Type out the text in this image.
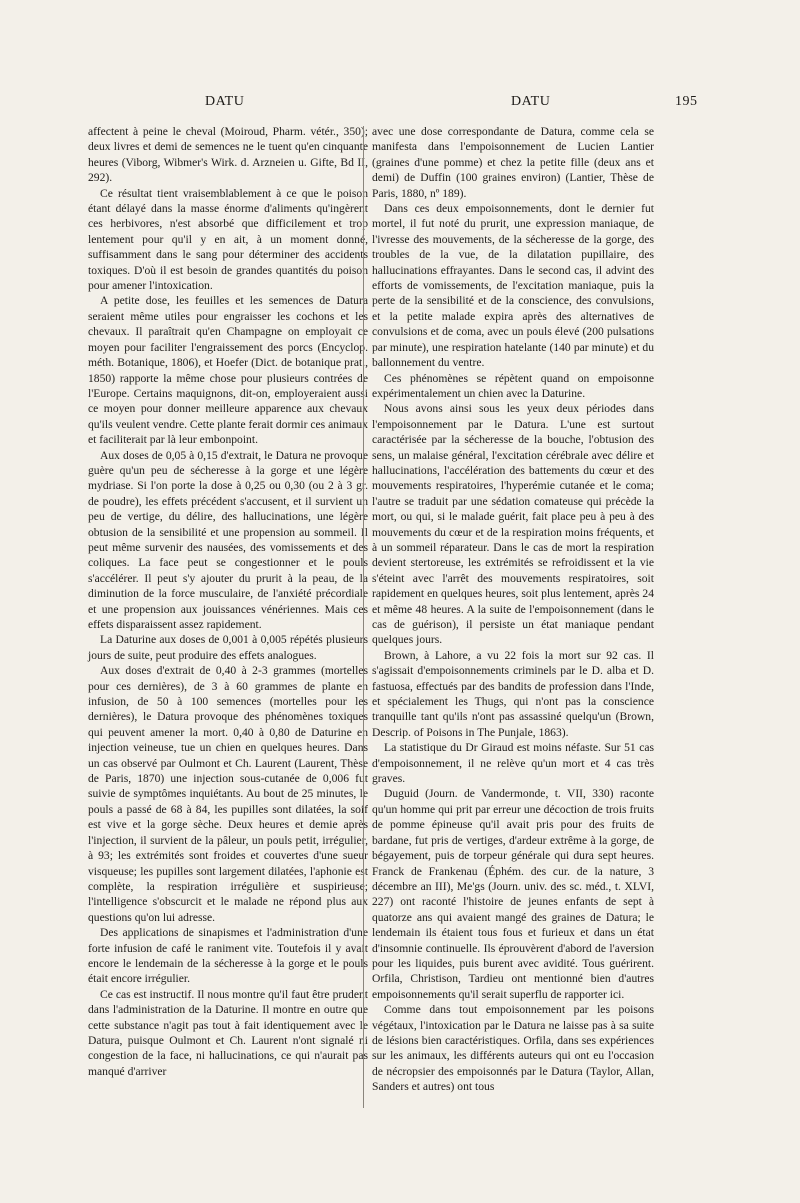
DATU	DATU	195

affectent à peine le cheval (Moiroud, Pharm. vétér., 350); deux livres et demi de semences ne le tuent qu'en cinquante heures (Viborg, Wibmer's Wirk. d. Arzneien u. Gifte, Bd II, 292).

Ce résultat tient vraisemblablement à ce que le poison étant délayé dans la masse énorme d'aliments qu'ingèrent ces herbivores, n'est absorbé que difficilement et trop lentement pour qu'il y en ait, à un moment donné, suffisamment dans le sang pour déterminer des accidents toxiques. D'où il est besoin de grandes quantités du poison pour amener l'intoxication.

A petite dose, les feuilles et les semences de Datura seraient même utiles pour engraisser les cochons et les chevaux. Il paraîtrait qu'en Champagne on employait ce moyen pour faciliter l'engraissement des porcs (Encyclop. méth. Botanique, 1806), et Hoefer (Dict. de botanique prat., 1850) rapporte la même chose pour plusieurs contrées de l'Europe. Certains maquignons, dit-on, employeraient aussi ce moyen pour donner meilleure apparence aux chevaux qu'ils veulent vendre. Cette plante ferait dormir ces animaux et faciliterait par là leur embonpoint.

Aux doses de 0,05 à 0,15 d'extrait, le Datura ne provoque guère qu'un peu de sécheresse à la gorge et une légère mydriase. Si l'on porte la dose à 0,25 ou 0,30 (ou 2 à 3 gr. de poudre), les effets précédent s'accusent, et il survient un peu de vertige, du délire, des hallucinations, une légère obtusion de la sensibilité et une propension au sommeil. Il peut même survenir des nausées, des vomissements et des coliques. La face peut se congestionner et le pouls s'accélérer. Il peut s'y ajouter du prurit à la peau, de la diminution de la force musculaire, de l'anxiété précordiale et une propension aux jouissances vénériennes. Mais ces effets disparaissent assez rapidement.

La Daturine aux doses de 0,001 à 0,005 répétés plusieurs jours de suite, peut produire des effets analogues.

Aux doses d'extrait de 0,40 à 2-3 grammes (mortelles pour ces dernières), de 3 à 60 grammes de plante en infusion, de 50 à 100 semences (mortelles pour les dernières), le Datura provoque des phénomènes toxiques qui peuvent amener la mort. 0,40 à 0,80 de Daturine en injection veineuse, tue un chien en quelques heures. Dans un cas observé par Oulmont et Ch. Laurent (Laurent, Thèse de Paris, 1870) une injection sous-cutanée de 0,006 fut suivie de symptômes inquiétants. Au bout de 25 minutes, le pouls a passé de 68 à 84, les pupilles sont dilatées, la soif est vive et la gorge sèche. Deux heures et demie après l'injection, il survient de la pâleur, un pouls petit, irrégulier, à 93; les extrémités sont froides et couvertes d'une sueur visqueuse; les pupilles sont largement dilatées, l'aphonie est complète, la respiration irrégulière et suspirieuse; l'intelligence s'obscurcit et le malade ne répond plus aux questions qu'on lui adresse.

Des applications de sinapismes et l'administration d'une forte infusion de café le raniment vite. Toutefois il y avait encore le lendemain de la sécheresse à la gorge et le pouls était encore irrégulier.

Ce cas est instructif. Il nous montre qu'il faut être prudent dans l'administration de la Daturine. Il montre en outre que cette substance n'agit pas tout à fait identiquement avec le Datura, puisque Oulmont et Ch. Laurent n'ont signalé ni congestion de la face, ni hallucinations, ce qui n'aurait pas manqué d'arriver

avec une dose correspondante de Datura, comme cela se manifesta dans l'empoisonnement de Lucien Lantier (graines d'une pomme) et chez la petite fille (deux ans et demi) de Duffin (100 graines environ) (Lantier, Thèse de Paris, 1880, nº 189).

Dans ces deux empoisonnements, dont le dernier fut mortel, il fut noté du prurit, une expression maniaque, de l'ivresse des mouvements, de la sécheresse de la gorge, des troubles de la vue, de la dilatation pupillaire, des hallucinations effrayantes. Dans le second cas, il advint des efforts de vomissements, de l'excitation maniaque, puis la perte de la sensibilité et de la conscience, des convulsions, et la petite malade expira après des alternatives de convulsions et de coma, avec un pouls élevé (200 pulsations par minute), une respiration hatelante (140 par minute) et du ballonnement du ventre.

Ces phénomènes se répètent quand on empoisonne expérimentalement un chien avec la Daturine.

Nous avons ainsi sous les yeux deux périodes dans l'empoisonnement par le Datura. L'une est surtout caractérisée par la sécheresse de la bouche, l'obtusion des sens, un malaise général, l'excitation cérébrale avec délire et hallucinations, l'accélération des battements du cœur et des mouvements respiratoires, l'hyperémie cutanée et le coma; l'autre se traduit par une sédation comateuse qui précède la mort, ou qui, si le malade guérit, fait place peu à peu à des mouvements du cœur et de la respiration moins fréquents, et à un sommeil réparateur. Dans le cas de mort la respiration devient stertoreuse, les extrémités se refroidissent et la vie s'éteint avec l'arrêt des mouvements respiratoires, soit rapidement en quelques heures, soit plus lentement, après 24 et même 48 heures. A la suite de l'empoisonnement (dans le cas de guérison), il persiste un état maniaque pendant quelques jours.

Brown, à Lahore, a vu 22 fois la mort sur 92 cas. Il s'agissait d'empoisonnements criminels par le D. alba et D. fastuosa, effectués par des bandits de profession dans l'Inde, et spécialement les Thugs, qui n'ont pas la conscience tranquille tant qu'ils n'ont pas assassiné quelqu'un (Brown, Descrip. of Poisons in The Punjale, 1863).

La statistique du Dr Giraud est moins néfaste. Sur 51 cas d'empoisonnement, il ne relève qu'un mort et 4 cas très graves.

Duguid (Journ. de Vandermonde, t. VII, 330) raconte qu'un homme qui prit par erreur une décoction de trois fruits de pomme épineuse qu'il avait pris pour des fruits de bardane, fut pris de vertiges, d'ardeur extrême à la gorge, de bégayement, puis de torpeur générale qui dura sept heures. Franck de Frankenau (Éphém. des cur. de la nature, 3 décembre an III), Me'gs (Journ. univ. des sc. méd., t. XLVI, 227) ont raconté l'histoire de jeunes enfants de sept à quatorze ans qui avaient mangé des graines de Datura; le lendemain ils étaient tous fous et furieux et dans un état d'insomnie continuelle. Ils éprouvèrent d'abord de l'aversion pour les liquides, puis burent avec avidité. Tous guérirent. Orfila, Christison, Tardieu ont mentionné bien d'autres empoisonnements qu'il serait superflu de rapporter ici.

Comme dans tout empoisonnement par les poisons végétaux, l'intoxication par le Datura ne laisse pas à sa suite de lésions bien caractéristiques. Orfila, dans ses expériences sur les animaux, les différents auteurs qui ont eu l'occasion de nécropsier des empoisonnés par le Datura (Taylor, Allan, Sanders et autres) ont tous
